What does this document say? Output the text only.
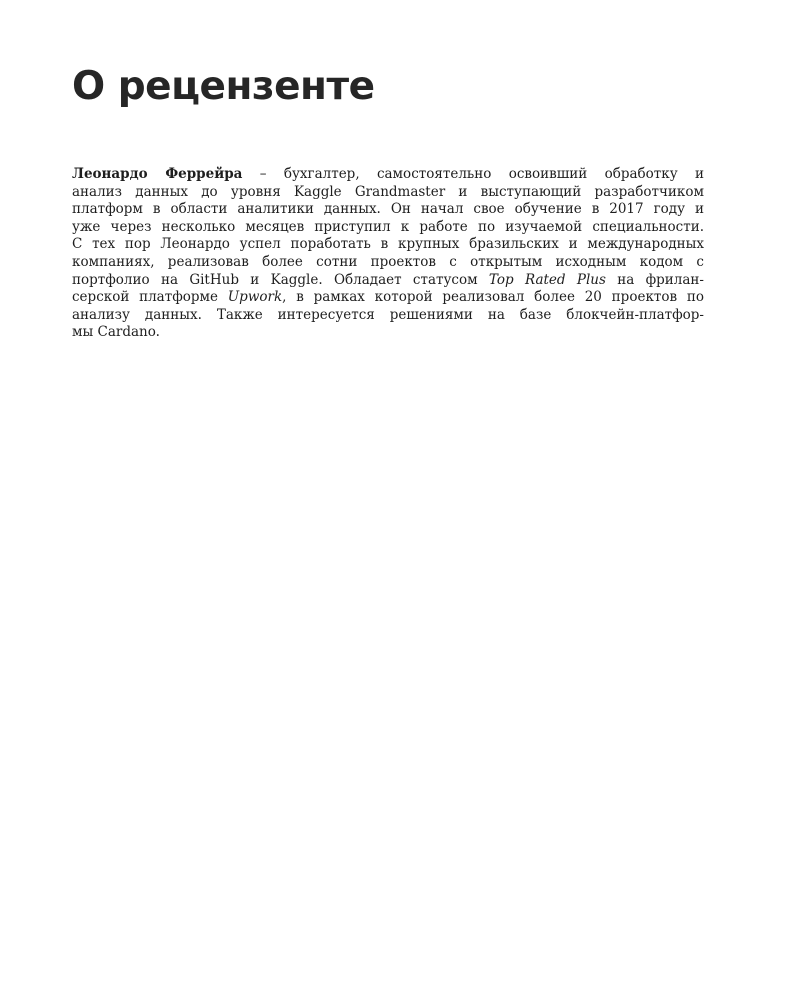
О рецензенте
Леонардо Феррейра – бухгалтер, самостоятельно освоивший обработку и
анализ данных до уровня Kaggle Grandmaster и выступающий разработчиком
платформ в области аналитики данных. Он начал свое обучение в 2017 году и
уже через несколько месяцев приступил к работе по изучаемой специальности.
С тех пор Леонардо успел поработать в крупных бразильских и международных
компаниях, реализовав более сотни проектов с открытым исходным кодом с
портфолио на GitHub и Kaggle. Обладает статусом Top Rated Plus на фрилан-
серской платформе Upwork, в рамках которой реализовал более 20 проектов по
анализу данных. Также интересуется решениями на базе блокчейн-платфор-
мы Cardano.
